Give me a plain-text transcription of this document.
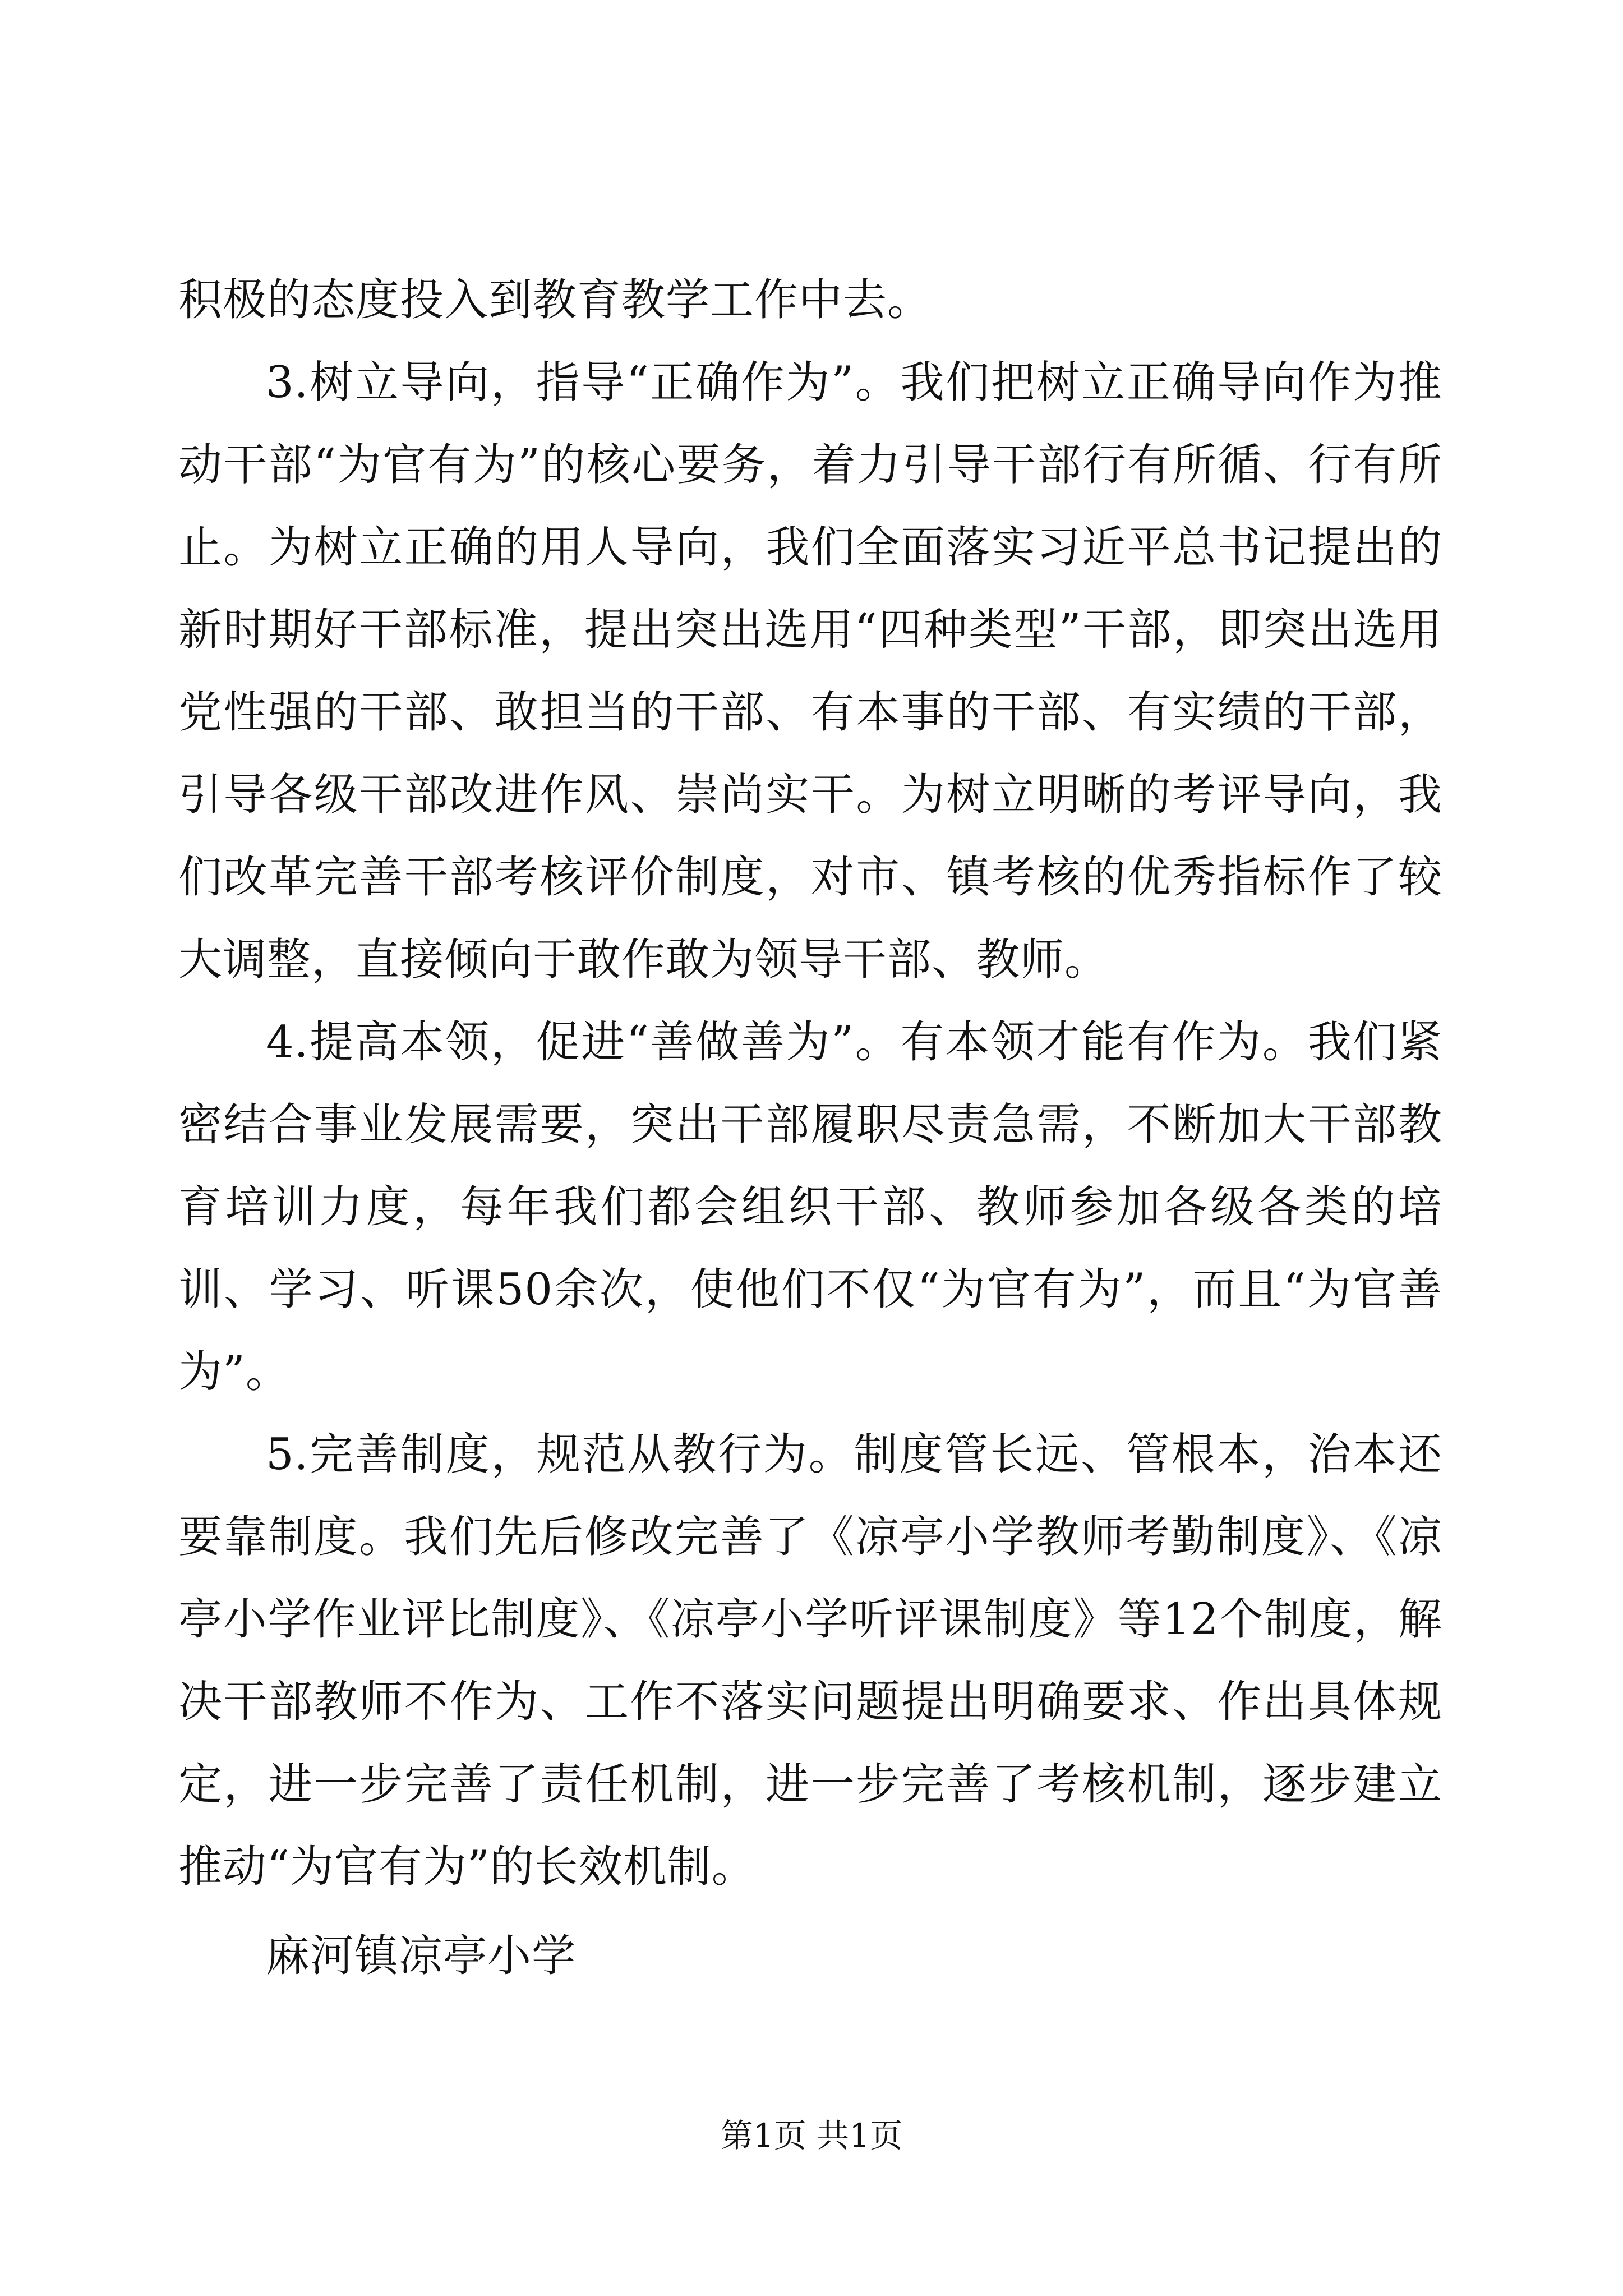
积极的态度投入到教育教学工作中去。

3.树立导向，指导“正确作为”。我们把树立正确导向作为推动干部“为官有为”的核心要务，着力引导干部行有所循、行有所止。为树立正确的用人导向，我们全面落实习近平总书记提出的新时期好干部标准，提出突出选用“四种类型”干部，即突出选用党性强的干部、敢担当的干部、有本事的干部、有实绩的干部，引导各级干部改进作风、崇尚实干。为树立明晰的考评导向，我们改革完善干部考核评价制度，对市、镇考核的优秀指标作了较大调整，直接倾向于敢作敢为领导干部、教师。

4.提高本领，促进“善做善为”。有本领才能有作为。我们紧密结合事业发展需要，突出干部履职尽责急需，不断加大干部教育培训力度，每年我们都会组织干部、教师参加各级各类的培训、学习、听课50余次，使他们不仅“为官有为”，而且“为官善为”。

5.完善制度，规范从教行为。制度管长远、管根本，治本还要靠制度。我们先后修改完善了《凉亭小学教师考勤制度》、《凉亭小学作业评比制度》、《凉亭小学听评课制度》等12个制度，解决干部教师不作为、工作不落实问题提出明确要求、作出具体规定，进一步完善了责任机制，进一步完善了考核机制，逐步建立推动“为官有为”的长效机制。

麻河镇凉亭小学

第1页 共1页
